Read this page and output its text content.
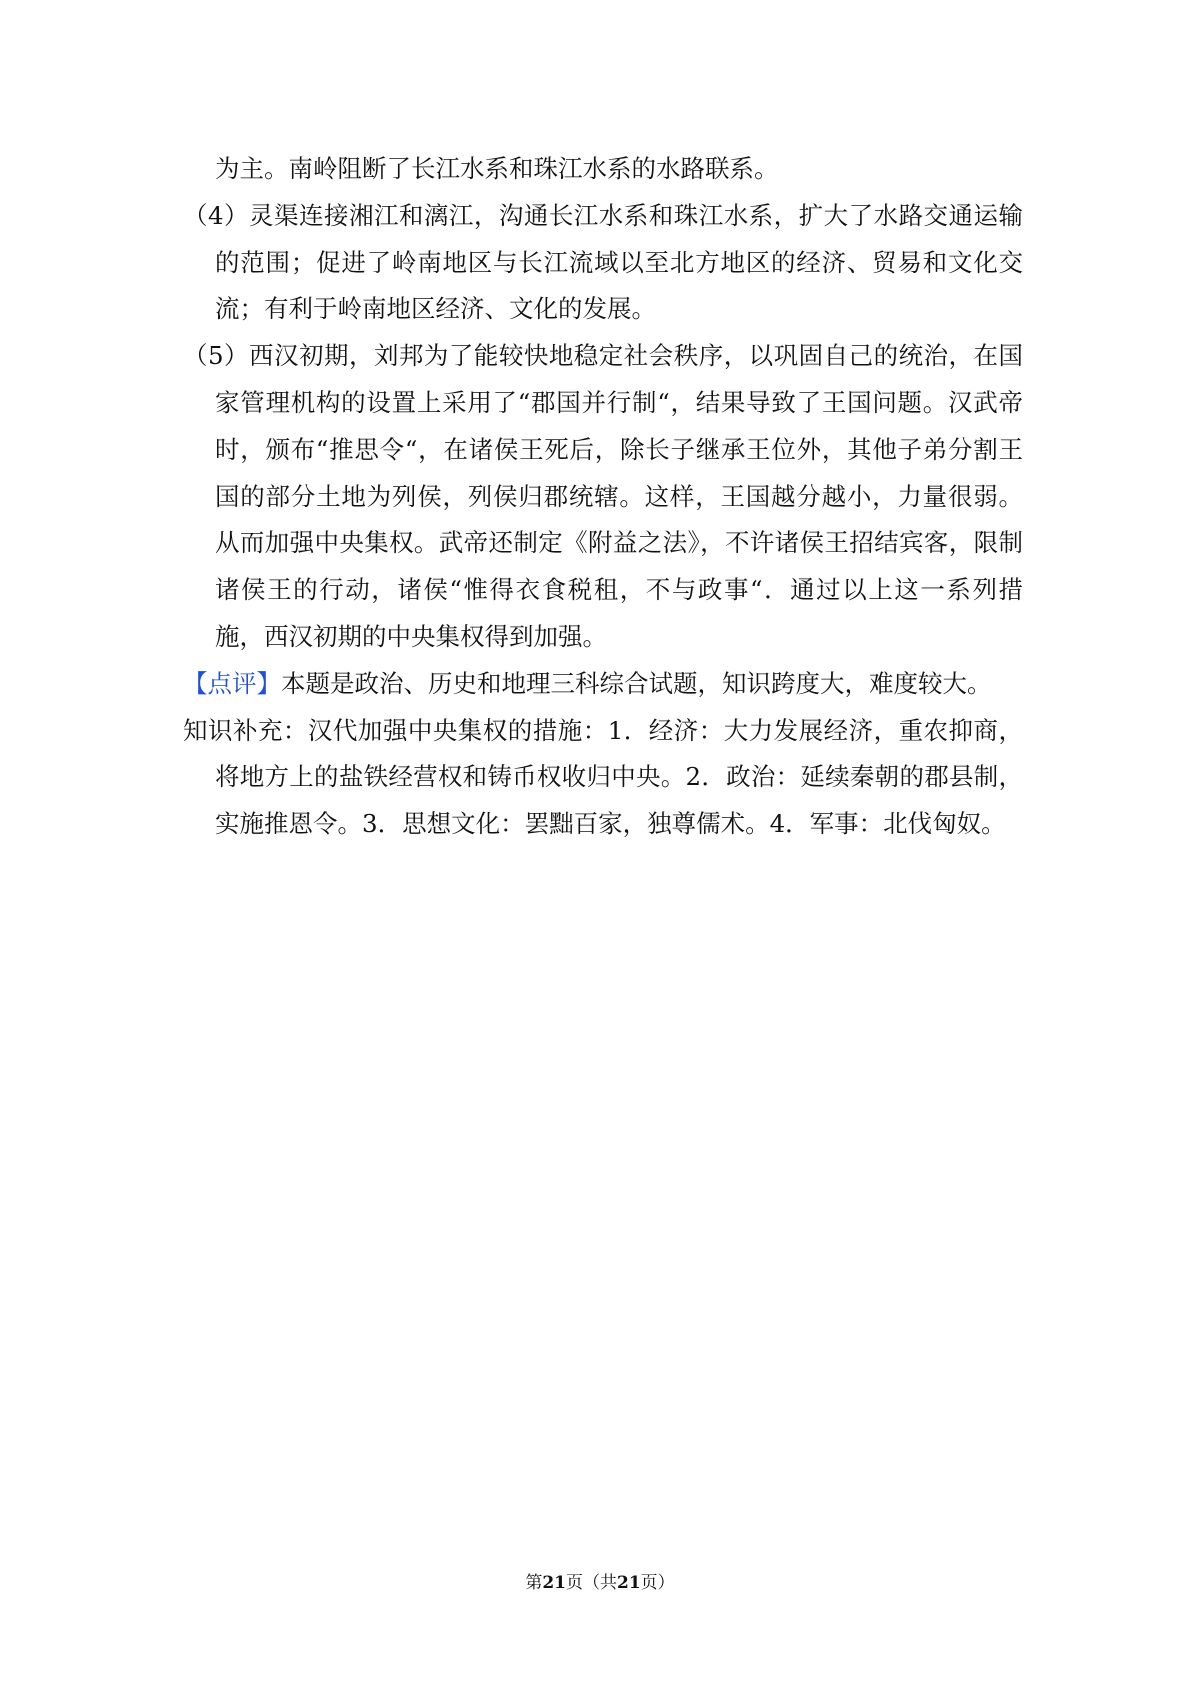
为主。南岭阻断了长江水系和珠江水系的水路联系。

（4）灵渠连接湘江和漓江，沟通长江水系和珠江水系，扩大了水路交通运输的范围；促进了岭南地区与长江流域以至北方地区的经济、贸易和文化交流；有利于岭南地区经济、文化的发展。

（5）西汉初期，刘邦为了能较快地稳定社会秩序，以巩固自己的统治，在国家管理机构的设置上采用了“郡国并行制“，结果导致了王国问题。汉武帝时，颁布“推思令“，在诸侯王死后，除长子继承王位外，其他子弟分割王国的部分土地为列侯，列侯归郡统辖。这样，王国越分越小，力量很弱。从而加强中央集权。武帝还制定《附益之法》，不许诸侯王招结宾客，限制诸侯王的行动，诸侯“惟得衣食税租，不与政事“．通过以上这一系列措施，西汉初期的中央集权得到加强。

【点评】本题是政治、历史和地理三科综合试题，知识跨度大，难度较大。

知识补充：汉代加强中央集权的措施：1．经济：大力发展经济，重农抑商，将地方上的盐铁经营权和铸币权收归中央。2．政治：延续秦朝的郡县制，实施推恩令。3．思想文化：罢黜百家，独尊儒术。4．军事：北伐匈奴。

第21页（共21页）
